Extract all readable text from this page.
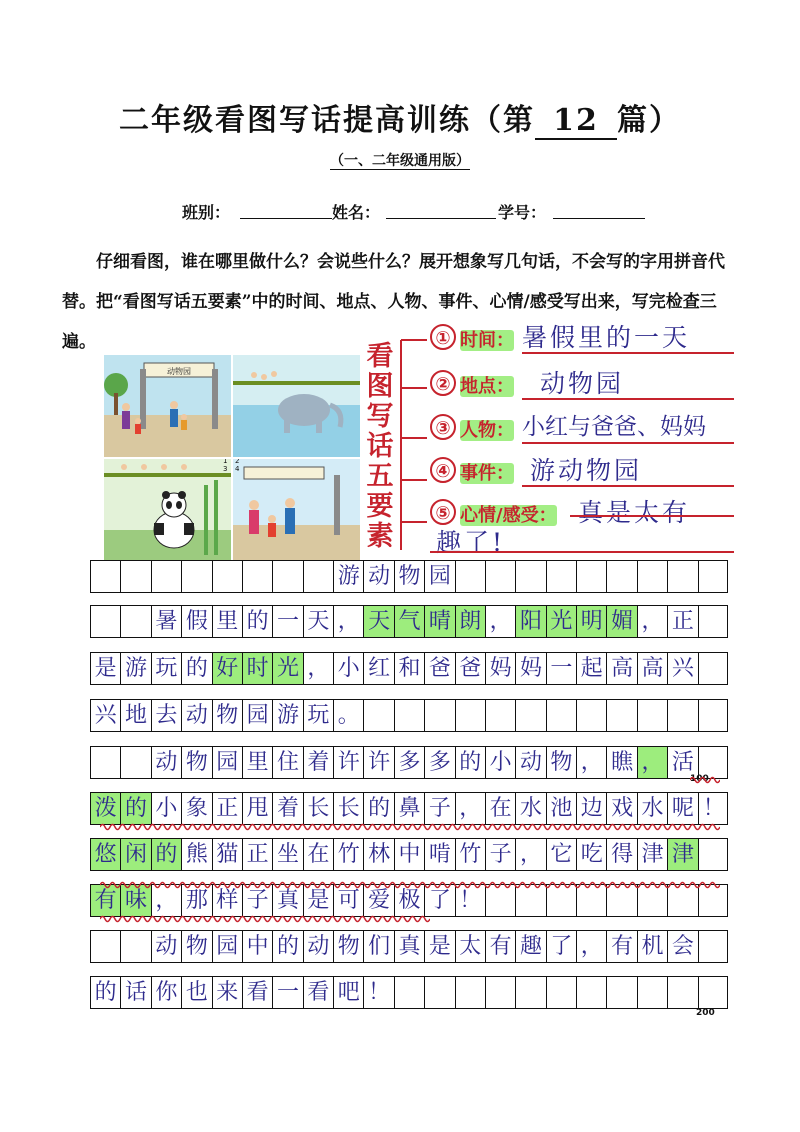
二年级看图写话提高训练（第 12 篇）
（一、二年级通用版）
班别：	姓名：	学号：
仔细看图，谁在哪里做什么？会说些什么？展开想象写几句话，不会写的字用拼音代替。把“看图写话五要素”中的时间、地点、人物、事件、心情/感受写出来，写完检查三遍。
动物园
1 2
3 4
看
图
写
话
五
要
素
① 时间： 暑假里的一天
② 地点： 动物园
③ 人物： 小红与爸爸、妈妈
④ 事件： 游动物园
⑤ 心情/感受： 真是太有
趣了!
游 动 物 园
暑 假 里 的 一 天 ， 天 气 晴 朗 ， 阳 光 明 媚 ， 正
是 游 玩 的 好 时 光 ， 小 红 和 爸 爸 妈 妈 一 起 高 高 兴
兴 地 去 动 物 园 游 玩 。
动 物 园 里 住 着 许 许 多 多 的 小 动 物 ， 瞧 ， 活
泼 的 小 象 正 甩 着 长 长 的 鼻 子 ， 在 水 池 边 戏 水 呢 ！
悠 闲 的 熊 猫 正 坐 在 竹 林 中 啃 竹 子 ， 它 吃 得 津 津
有 味 ， 那 样 子 真 是 可 爱 极 了 ！
动 物 园 中 的 动 物 们 真 是 太 有 趣 了 ， 有 机 会
的 话 你 也 来 看 一 看 吧 ！
100
200
